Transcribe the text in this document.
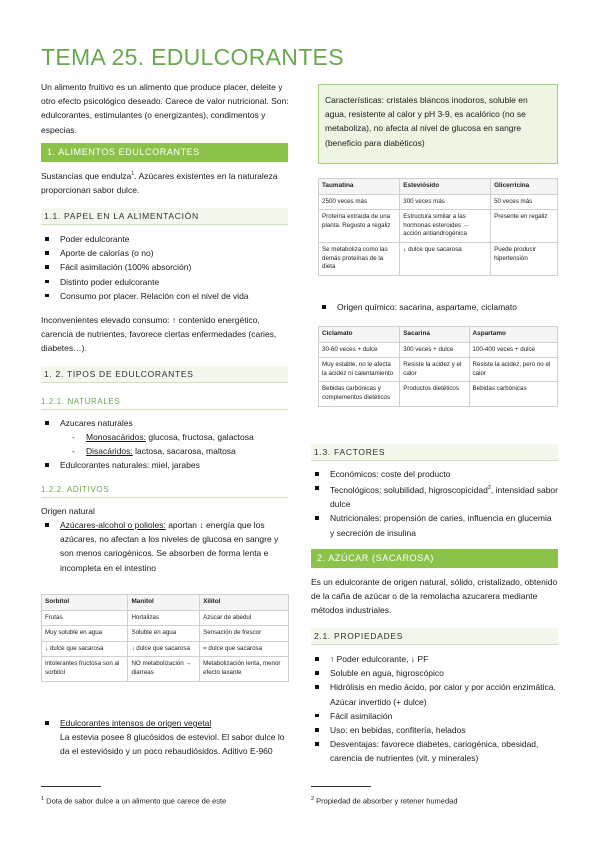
TEMA 25. EDULCORANTES
Un alimento fruitivo es un alimento que produce placer, deleite y otro efecto psicológico deseado. Carece de valor nutricional. Son: edulcorantes, estimulantes (o energizantes), condimentos y especias.
1. ALIMENTOS EDULCORANTES
Sustancias que endulza$^1$. Azúcares existentes en la naturaleza proporcionan sabor dulce.
1.1. PAPEL EN LA ALIMENTACIÓN
Poder edulcorante
Aporte de calorías (o no)
Fácil asimilación (100% absorción)
Distinto poder edulcorante
Consumo por placer. Relación con el nivel de vida
Inconvenientes elevado consumo: ↑ contenido energético, carencia de nutrientes, favorece ciertas enfermedades (caries, diabetes…).
1. 2. TIPOS DE EDULCORANTES
1.2.1. NATURALES
Azucares naturales
- Monosacáridos: glucosa, fructosa, galactosa
- Disacáridos: lactosa, sacarosa, maltosa
Edulcorantes naturales: miel, jarabes
1.2.2. ADITIVOS
Origen natural
Azúcares-alcohol o polioles: aportan ↓ energía que los azúcares, no afectan a los niveles de glucosa en sangre y son menos cariogénicos. Se absorben de forma lenta e incompleta en el intestino
Sorbitol	Manitol	Xilitol
Frutas	Hortalizas	Azúcar de abedul
Muy soluble en agua	Soluble en agua	Sensación de frescor
↓ dulce que sacarosa	↓ dulce que sacarosa	= dulce que sacarosa
Intolerantes fructosa son al sorbitol	NO metabolización → diarreas	Metabolización lenta, menor efecto laxante
Edulcorantes intensos de origen vegetal
La estevia posee 8 glucósidos de esteviol. El sabor dulce lo da el esteviósido y un poco rebaudiósidos. Aditivo E-960
$^1$ Dota de sabor dulce a un alimento que carece de este
Características: cristales blancos inodoros, soluble en agua, resistente al calor y pH 3-9, es acalórico (no se metaboliza), no afecta al nivel de glucosa en sangre (beneficio para diabéticos)
Taumatina	Esteviósido	Glicerricina
2500 veces más	300 veces más	50 veces más
Proteína extraída de una planta. Regusto a regaliz	Estructura similar a las hormonas esteroides → acción antiandrogénica	Presente en regaliz
Se metaboliza como las demás proteínas de la dieta	↓ dulce que sacarosa	Puede producir hipertensión
Origen químico: sacarina, aspartame, ciclamato
Ciclamato	Sacarina	Aspartamo
30-60 veces + dulce	300 veces + dulce	100-400 veces + dulce
Muy estable, no le afecta la acidez ni calentamiento	Resiste la acidez y el calor	Resiste la acidez, pero no el calor
Bebidas carbónicas y complementos dietéticos	Productos dietéticos	Bebidas carbónicas
1.3. FACTORES
Económicos: coste del producto
Tecnológicos: solubilidad, higroscopicidad$^2$, intensidad sabor dulce
Nutricionales: propensión de caries, influencia en glucemia y secreción de insulina
2. AZÚCAR (SACAROSA)
Es un edulcorante de origen natural, sólido, cristalizado, obtenido de la caña de azúcar o de la remolacha azucarera mediante métodos industriales.
2.1. PROPIEDADES
↑ Poder edulcorante, ↓ PF
Soluble en agua, higroscópico
Hidrólisis en medio ácido, por calor y por acción enzimática. Azúcar invertido (+ dulce)
Fácil asimilación
Uso: en bebidas, confitería, helados
Desventajas: favorece diabetes, cariogénica, obesidad, carencia de nutrientes (vit. y minerales)
$^2$ Propiedad de absorber y retener humedad
